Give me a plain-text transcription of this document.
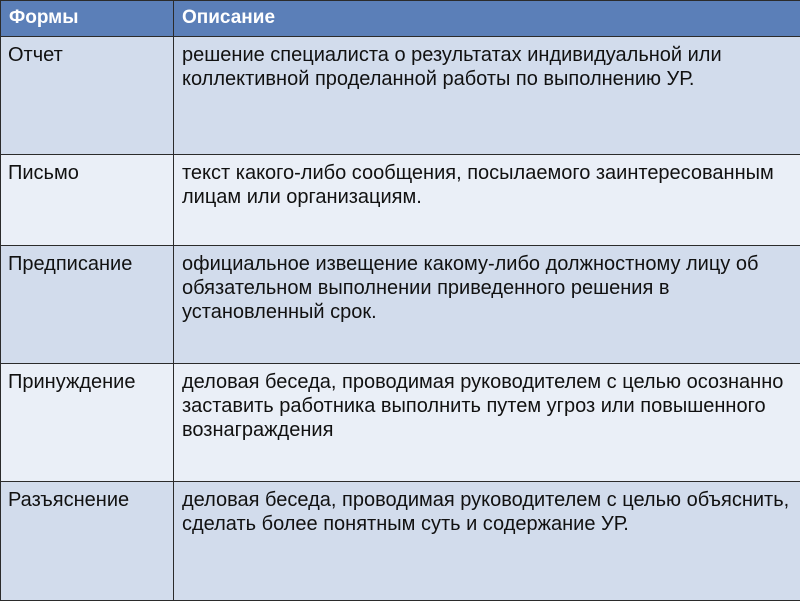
Формы	Описание
Отчет	решение специалиста о результатах индивидуальной или коллективной проделанной работы по выполнению УР.
Письмо	текст какого-либо сообщения, посылаемого заинтересованным лицам или организациям.
Предписание	официальное извещение какому-либо должностному лицу об обязательном выполнении приведенного решения в установленный срок.
Принуждение	деловая беседа, проводимая руководителем с целью осознанно заставить работника выполнить путем угроз или повышенного вознаграждения
Разъяснение	деловая беседа, проводимая руководителем с целью объяснить, сделать более понятным суть и содержание УР.
